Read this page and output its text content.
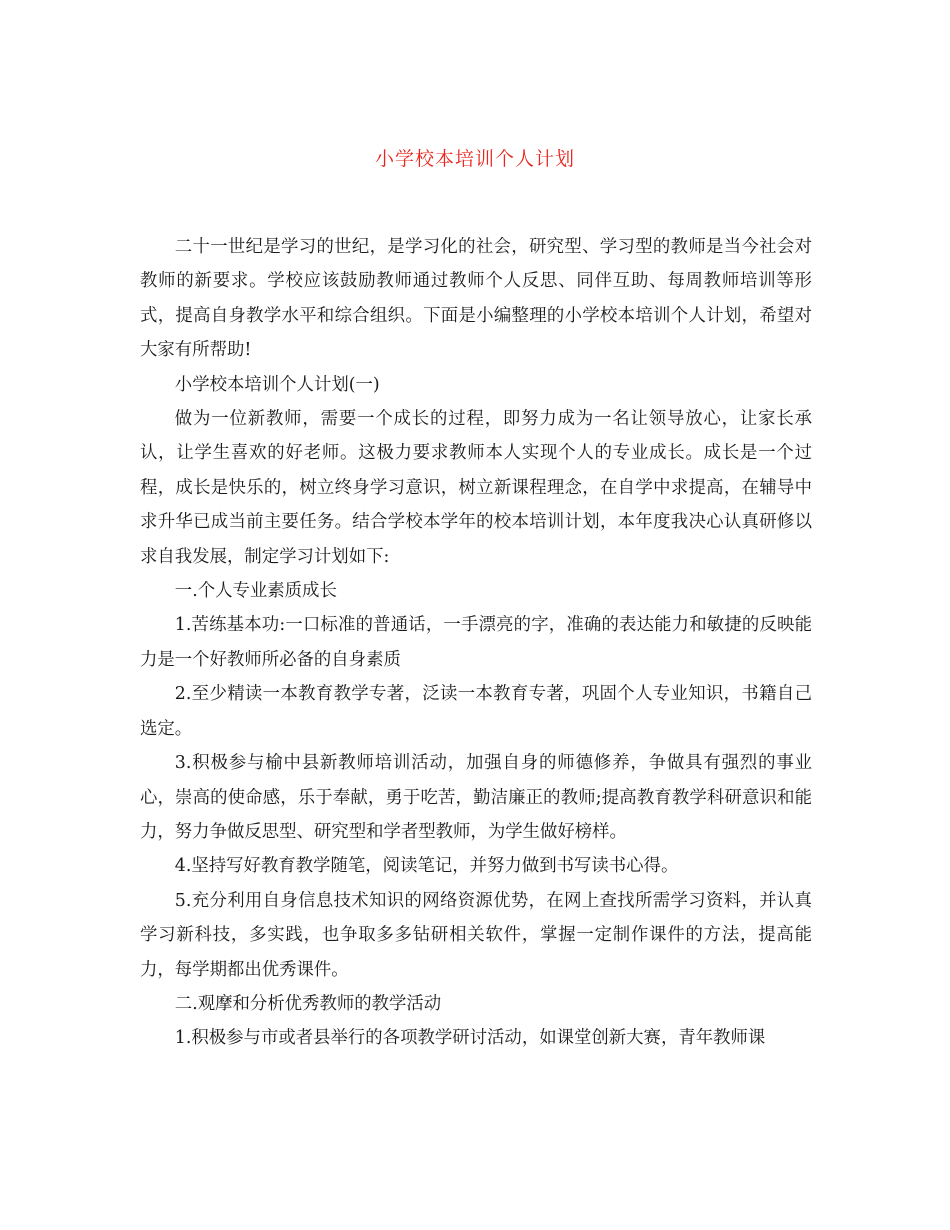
小学校本培训个人计划

二十一世纪是学习的世纪，是学习化的社会，研究型、学习型的教师是当今社会对教师的新要求。学校应该鼓励教师通过教师个人反思、同伴互助、每周教师培训等形式，提高自身教学水平和综合组织。下面是小编整理的小学校本培训个人计划，希望对大家有所帮助!

小学校本培训个人计划(一)

做为一位新教师，需要一个成长的过程，即努力成为一名让领导放心，让家长承认，让学生喜欢的好老师。这极力要求教师本人实现个人的专业成长。成长是一个过程，成长是快乐的，树立终身学习意识，树立新课程理念，在自学中求提高，在辅导中求升华已成当前主要任务。结合学校本学年的校本培训计划，本年度我决心认真研修以求自我发展，制定学习计划如下:

一.个人专业素质成长

1.苦练基本功:一口标准的普通话，一手漂亮的字，准确的表达能力和敏捷的反映能力是一个好教师所必备的自身素质

2.至少精读一本教育教学专著，泛读一本教育专著，巩固个人专业知识，书籍自己选定。

3.积极参与榆中县新教师培训活动，加强自身的师德修养，争做具有强烈的事业心，崇高的使命感，乐于奉献，勇于吃苦，勤洁廉正的教师;提高教育教学科研意识和能力，努力争做反思型、研究型和学者型教师，为学生做好榜样。

4.坚持写好教育教学随笔，阅读笔记，并努力做到书写读书心得。

5.充分利用自身信息技术知识的网络资源优势，在网上查找所需学习资料，并认真学习新科技，多实践，也争取多多钻研相关软件，掌握一定制作课件的方法，提高能力，每学期都出优秀课件。

二.观摩和分析优秀教师的教学活动

1.积极参与市或者县举行的各项教学研讨活动，如课堂创新大赛，青年教师课
